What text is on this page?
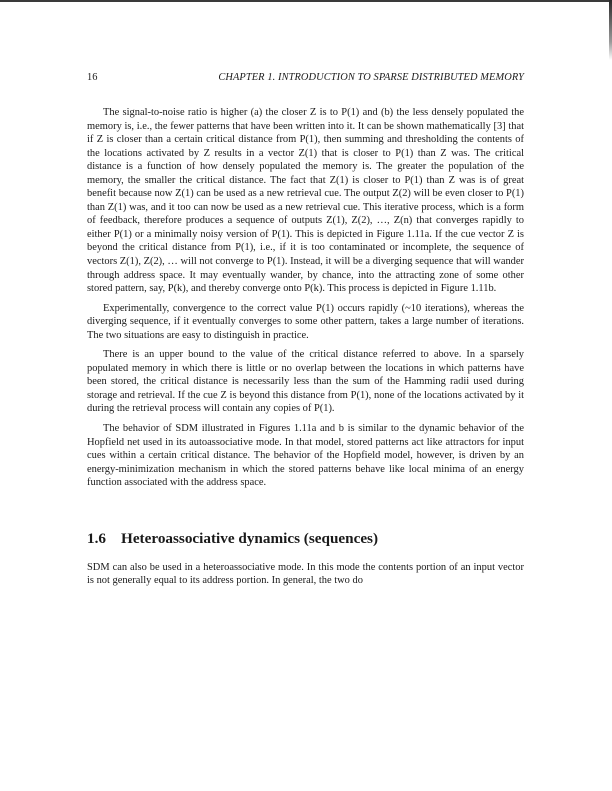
16	CHAPTER 1. INTRODUCTION TO SPARSE DISTRIBUTED MEMORY

The signal-to-noise ratio is higher (a) the closer Z is to P(1) and (b) the less densely populated the memory is, i.e., the fewer patterns that have been written into it. It can be shown mathematically [3] that if Z is closer than a certain critical distance from P(1), then summing and thresholding the contents of the locations activated by Z results in a vector Z(1) that is closer to P(1) than Z was. The critical distance is a function of how densely populated the memory is. The greater the population of the memory, the smaller the critical distance. The fact that Z(1) is closer to P(1) than Z was is of great benefit because now Z(1) can be used as a new retrieval cue. The output Z(2) will be even closer to P(1) than Z(1) was, and it too can now be used as a new retrieval cue. This iterative process, which is a form of feedback, therefore produces a sequence of outputs Z(1), Z(2), …, Z(n) that converges rapidly to either P(1) or a minimally noisy version of P(1). This is depicted in Figure 1.11a. If the cue vector Z is beyond the critical distance from P(1), i.e., if it is too contaminated or incomplete, the sequence of vectors Z(1), Z(2), … will not converge to P(1). Instead, it will be a diverging sequence that will wander through address space. It may eventually wander, by chance, into the attracting zone of some other stored pattern, say, P(k), and thereby converge onto P(k). This process is depicted in Figure 1.11b.

Experimentally, convergence to the correct value P(1) occurs rapidly (~10 iterations), whereas the diverging sequence, if it eventually converges to some other pattern, takes a large number of iterations. The two situations are easy to distinguish in practice.

There is an upper bound to the value of the critical distance referred to above. In a sparsely populated memory in which there is little or no overlap between the locations in which patterns have been stored, the critical distance is necessarily less than the sum of the Hamming radii used during storage and retrieval. If the cue Z is beyond this distance from P(1), none of the locations activated by it during the retrieval process will contain any copies of P(1).

The behavior of SDM illustrated in Figures 1.11a and b is similar to the dynamic behavior of the Hopfield net used in its autoassociative mode. In that model, stored patterns act like attractors for input cues within a certain critical distance. The behavior of the Hopfield model, however, is driven by an energy-minimization mechanism in which the stored patterns behave like local minima of an energy function associated with the address space.

1.6 Heteroassociative dynamics (sequences)

SDM can also be used in a heteroassociative mode. In this mode the contents portion of an input vector is not generally equal to its address portion. In general, the two do
